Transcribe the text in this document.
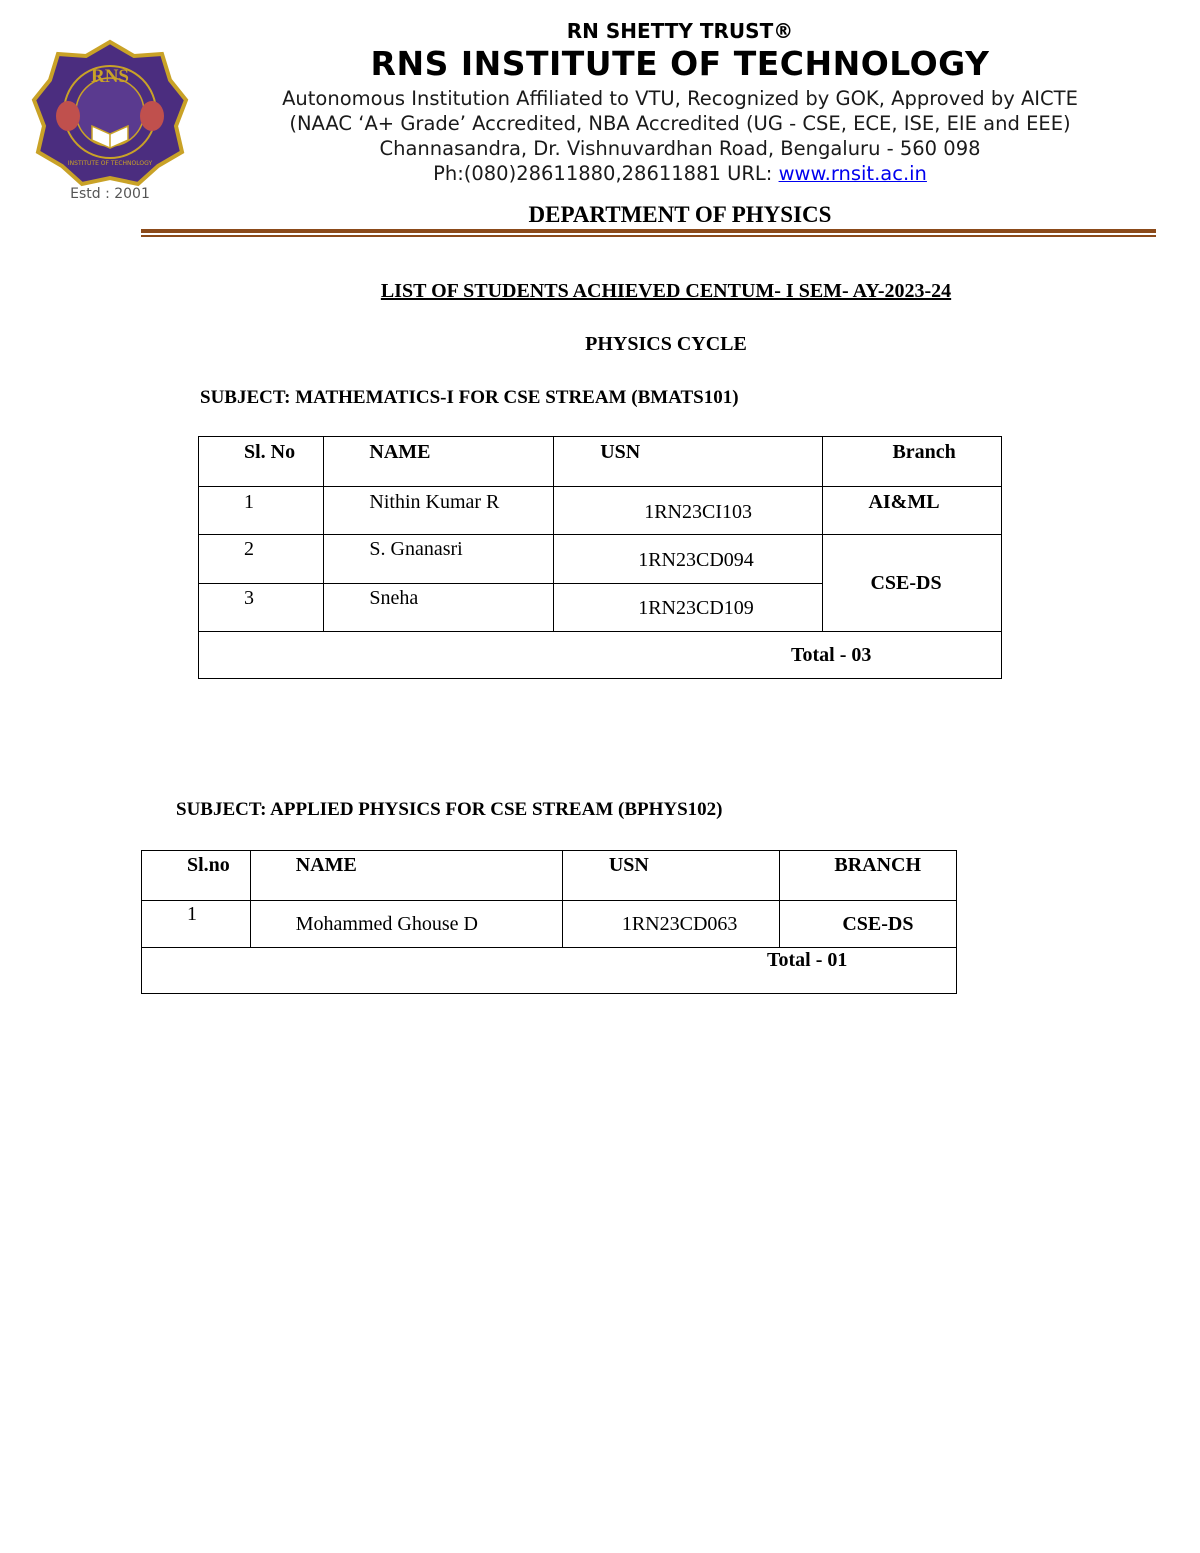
RNS
INSTITUTE OF TECHNOLOGY
Estd : 2001
RN SHETTY TRUST®
RNS INSTITUTE OF TECHNOLOGY
Autonomous Institution Affiliated to VTU, Recognized by GOK, Approved by AICTE
(NAAC ‘A+ Grade’ Accredited, NBA Accredited (UG - CSE, ECE, ISE, EIE and EEE)
Channasandra, Dr. Vishnuvardhan Road, Bengaluru - 560 098
Ph:(080)28611880,28611881 URL: www.rnsit.ac.in
DEPARTMENT OF PHYSICS
LIST OF STUDENTS ACHIEVED CENTUM- I SEM- AY-2023-24
PHYSICS CYCLE
SUBJECT: MATHEMATICS-I FOR CSE STREAM (BMATS101)
Sl. No	NAME	USN	Branch

1	Nithin Kumar R	1RN23CI103	AI&ML

2	S. Gnanasri	1RN23CD094	CSE-DS

3	Sneha	1RN23CD109	

Total - 03			
SUBJECT: APPLIED PHYSICS FOR CSE STREAM (BPHYS102)
Sl.no	NAME	USN	BRANCH

1	Mohammed Ghouse D	1RN23CD063	CSE-DS

Total - 01			
